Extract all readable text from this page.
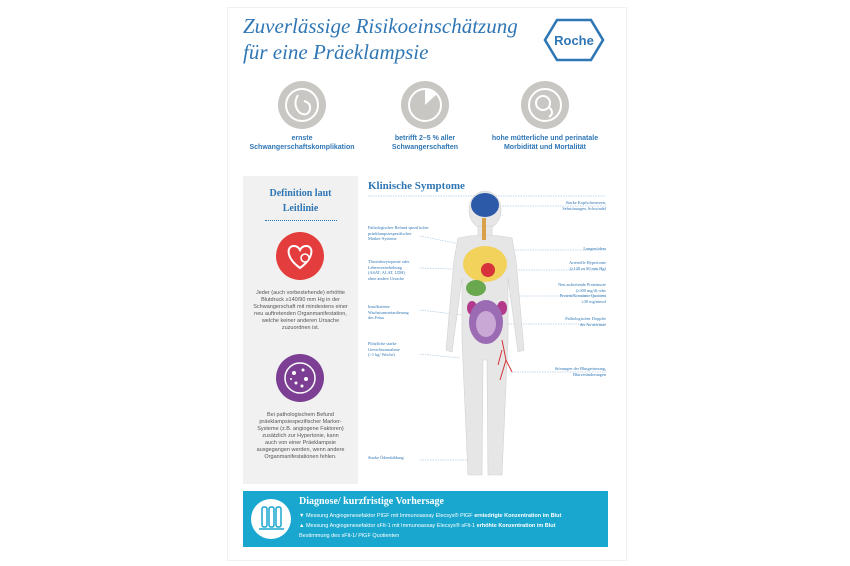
Zuverlässige Risikoeinschätzung
für eine Präeklampsie	Roche
ernste
Schwangerschaftskomplikation
betrifft 2–5 % aller
Schwangerschaften
hohe mütterliche und perinatale
Morbidität und Mortalität
Definition laut
Leitlinie
Jeder (auch vorbestehende) erhöhte
Blutdruck ≥140/90 mm Hg in der
Schwangerschaft mit mindestens einer
neu auftretenden Organmanifestation,
welche keiner anderen Ursache
zuzuordnen ist.
Bei pathologischem Befund
präeklampsiespezifischer Marker-
Systeme (z.B. angiogene Faktoren)
zusätzlich zur Hypertonie, kann
auch von einer Präeklampsie
ausgegangen werden, wenn andere
Organmanifestationen fehlen.
Klinische Symptome
Pathologischer Befund spezifischer
präeklampsiespezifischer
Marker-Systeme
Thrombozytopenie oder
Leberwerterhöhung
(ASAT, ALAT, LDH)
ohne andere Ursache
Insuffiziente
Wachstumsretardierung
des Fetus
Plötzliche starke
Gewichtszunahme
(>1 kg/ Woche)
Starke Ödembildung
Starke Kopfschmerzen,
Sehstörungen, Schwindel
Lungenödem
Arterielle Hypertonie
(≥140 zu 90 mm Hg)
Neu auftretende Proteinurie
(≥300 mg/d) oder
Protein/Kreatinin-Quotient
≥30 mg/mmol
Pathologischer Doppler
der Aa uterinae
Störungen der Blutgerinnung,
Blutveränderungen
Diagnose/ kurzfristige Vorhersage
▼ Messung Angiogenesefaktor PlGF mit Immunoassay Elecsys® PlGF erniedrigte Konzentration im Blut
▲ Messung Angiogenesefaktor sFlt-1 mit Immunoassay Elecsys® sFlt-1 erhöhte Konzentration im Blut
Bestimmung des sFlt-1/ PlGF Quotienten
